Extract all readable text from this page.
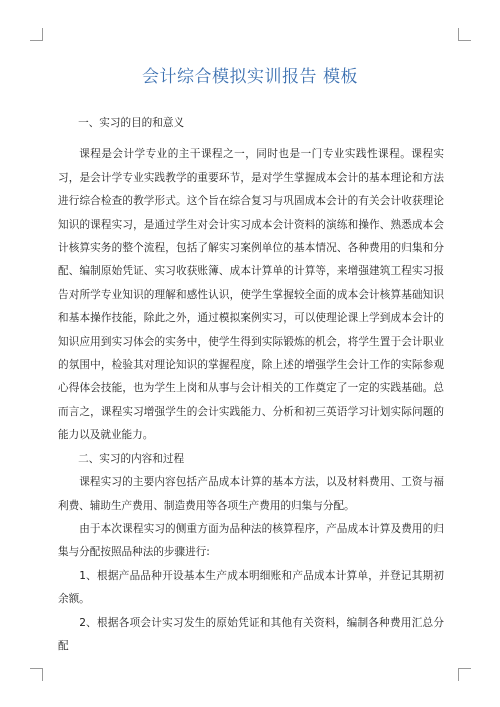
会计综合模拟实训报告 模板
一、实习的目的和意义

课程是会计学专业的主干课程之一，同时也是一门专业实践性课程。课程实习，是会计学专业实践教学的重要环节，是对学生掌握成本会计的基本理论和方法进行综合检查的教学形式。这个旨在综合复习与巩固成本会计的有关会计收获理论知识的课程实习，是通过学生对会计实习成本会计资料的演练和操作、熟悉成本会计核算实务的整个流程，包括了解实习案例单位的基本情况、各种费用的归集和分配、编制原始凭证、实习收获账簿、成本计算单的计算等，来增强建筑工程实习报告对所学专业知识的理解和感性认识，使学生掌握较全面的成本会计核算基础知识和基本操作技能，除此之外，通过模拟案例实习，可以使理论课上学到成本会计的知识应用到实习体会的实务中，使学生得到实际锻炼的机会，将学生置于会计职业的氛围中，检验其对理论知识的掌握程度，除上述的增强学生会计工作的实际参观心得体会技能，也为学生上岗和从事与会计相关的工作奠定了一定的实践基础。总而言之，课程实习增强学生的会计实践能力、分析和初三英语学习计划实际问题的能力以及就业能力。

二、实习的内容和过程

课程实习的主要内容包括产品成本计算的基本方法，以及材料费用、工资与福利费、辅助生产费用、制造费用等各项生产费用的归集与分配。

由于本次课程实习的侧重方面为品种法的核算程序，产品成本计算及费用的归集与分配按照品种法的步骤进行:

1、根据产品品种开设基本生产成本明细账和产品成本计算单，并登记其期初余额。

2、根据各项会计实习发生的原始凭证和其他有关资料，编制各种费用汇总分配
